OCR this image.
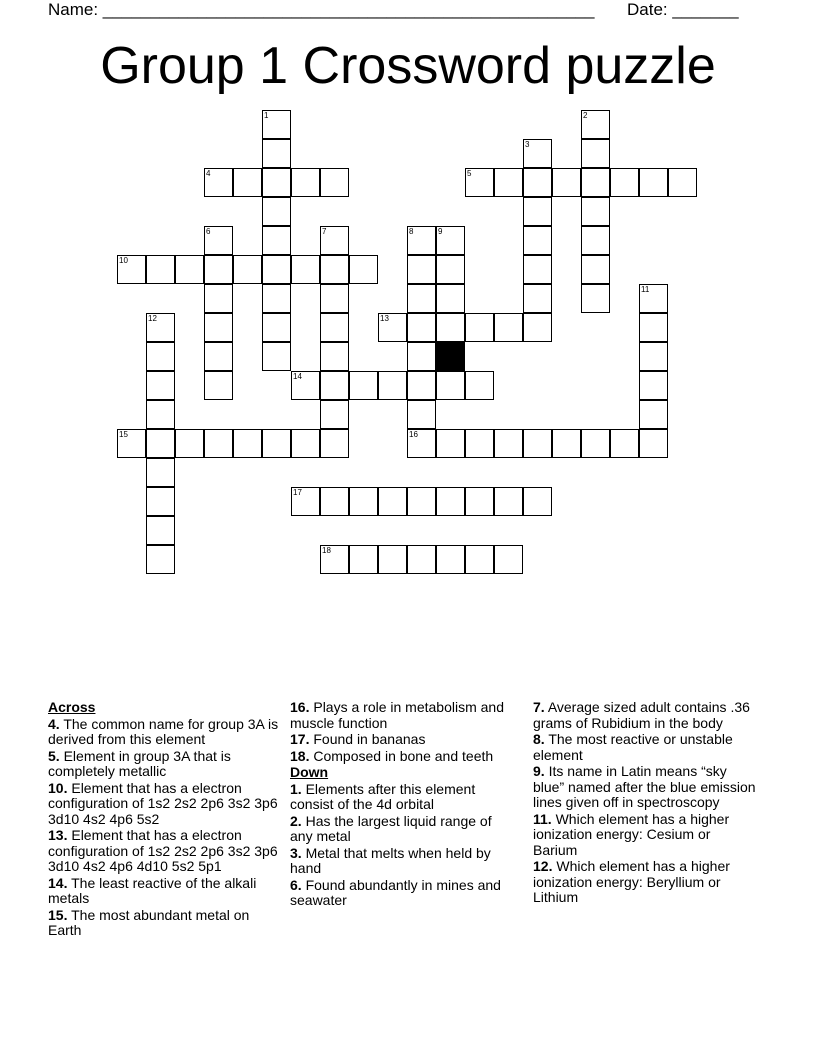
Name: ____________________________________________________ Date: _______
Group 1 Crossword puzzle
1	2
3
4	5
6	7	8
16
9
10
11
12	13
14
15
17
18
Across
4. The common name for group 3A is derived from this element
5. Element in group 3A that is completely metallic
10. Element that has a electron configuration of 1s2 2s2 2p6 3s2 3p6 3d10 4s2 4p6 5s2
13. Element that has a electron configuration of 1s2 2s2 2p6 3s2 3p6 3d10 4s2 4p6 4d10 5s2 5p1
14. The least reactive of the alkali metals
15. The most abundant metal on Earth
16. Plays a role in metabolism and muscle function
17. Found in bananas
18. Composed in bone and teeth
Down
1. Elements after this element consist of the 4d orbital
2. Has the largest liquid range of any metal
3. Metal that melts when held by hand
6. Found abundantly in mines and seawater
7. Average sized adult contains .36 grams of Rubidium in the body
8. The most reactive or unstable element
9. Its name in Latin means “sky blue” named after the blue emission lines given off in spectroscopy
11. Which element has a higher ionization energy: Cesium or Barium
12. Which element has a higher ionization energy: Beryllium or Lithium
